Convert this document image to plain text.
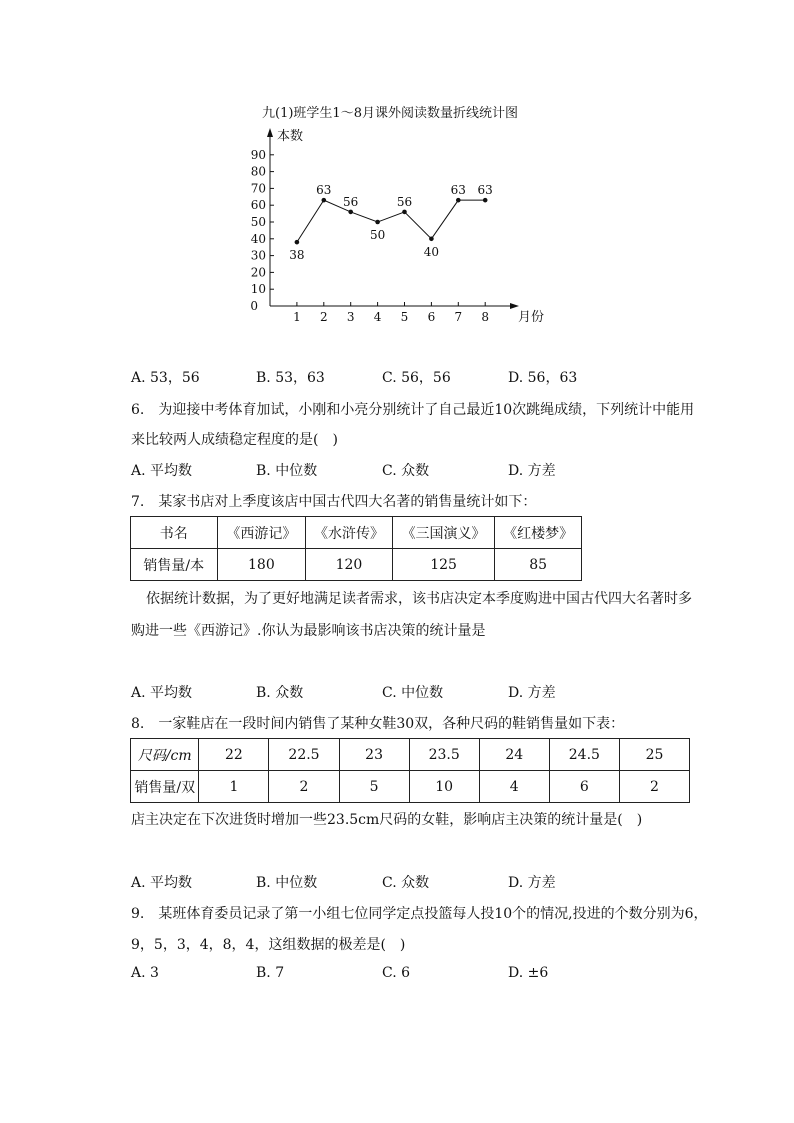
九(1)班学生1～8月课外阅读数量折线统计图
0
10
20
30
40
50
60
70
80
90
1 2 3 4 5 6 7 8
38
63
56
50
56
40
63 63
本数
月份
A. 53，56	B. 53，63	C. 56，56	D. 56，63
6.　为迎接中考体育加试，小刚和小亮分别统计了自己最近10次跳绳成绩，下列统计中能用
来比较两人成绩稳定程度的是(　)
A. 平均数	B. 中位数	C. 众数	D. 方差
7.　某家书店对上季度该店中国古代四大名著的销售量统计如下：
书名	《西游记》	《水浒传》	《三国演义》	《红楼梦》
销售量/本	180	120	125	85
依据统计数据，为了更好地满足读者需求，该书店决定本季度购进中国古代四大名著时多
购进一些《西游记》.你认为最影响该书店决策的统计量是
A. 平均数	B. 众数	C. 中位数	D. 方差
8.　一家鞋店在一段时间内销售了某种女鞋30双，各种尺码的鞋销售量如下表：
尺码/cm	22	22.5	23	23.5	24	24.5	25
销售量/双	1	2	5	10	4	6	2
店主决定在下次进货时增加一些23.5cm尺码的女鞋，影响店主决策的统计量是(　)
A. 平均数	B. 中位数	C. 众数	D. 方差
9.　某班体育委员记录了第一小组七位同学定点投篮每人投10个的情况,投进的个数分别为6，
9，5，3，4，8，4，这组数据的极差是(　)
A. 3	B. 7	C. 6	D. ±6
